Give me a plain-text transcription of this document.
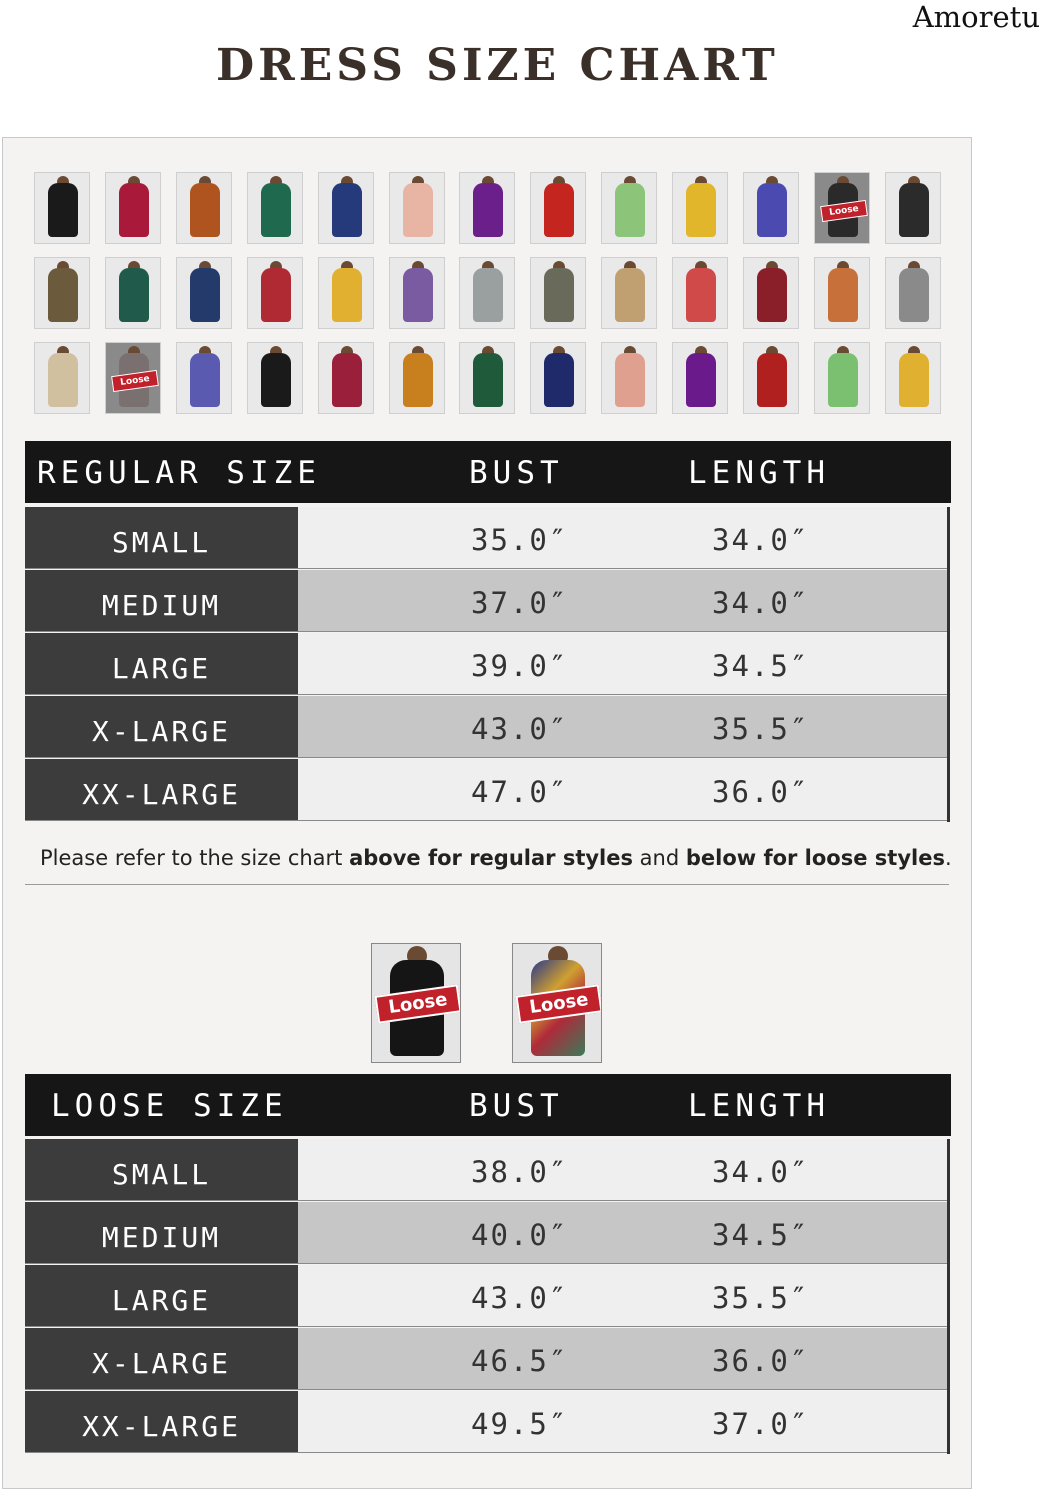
Amoretu
DRESS SIZE CHART
Loose
Loose
REGULAR SIZE	BUST	LENGTH
SMALL	35.0″	34.0″
MEDIUM	37.0″	34.0″
LARGE	39.0″	34.5″
X-LARGE	43.0″	35.5″
XX-LARGE	47.0″	36.0″
Please refer to the size chart above for regular styles and below for loose styles.
Loose	Loose
LOOSE SIZE	BUST	LENGTH
SMALL	38.0″	34.0″
MEDIUM	40.0″	34.5″
LARGE	43.0″	35.5″
X-LARGE	46.5″	36.0″
XX-LARGE	49.5″	37.0″
